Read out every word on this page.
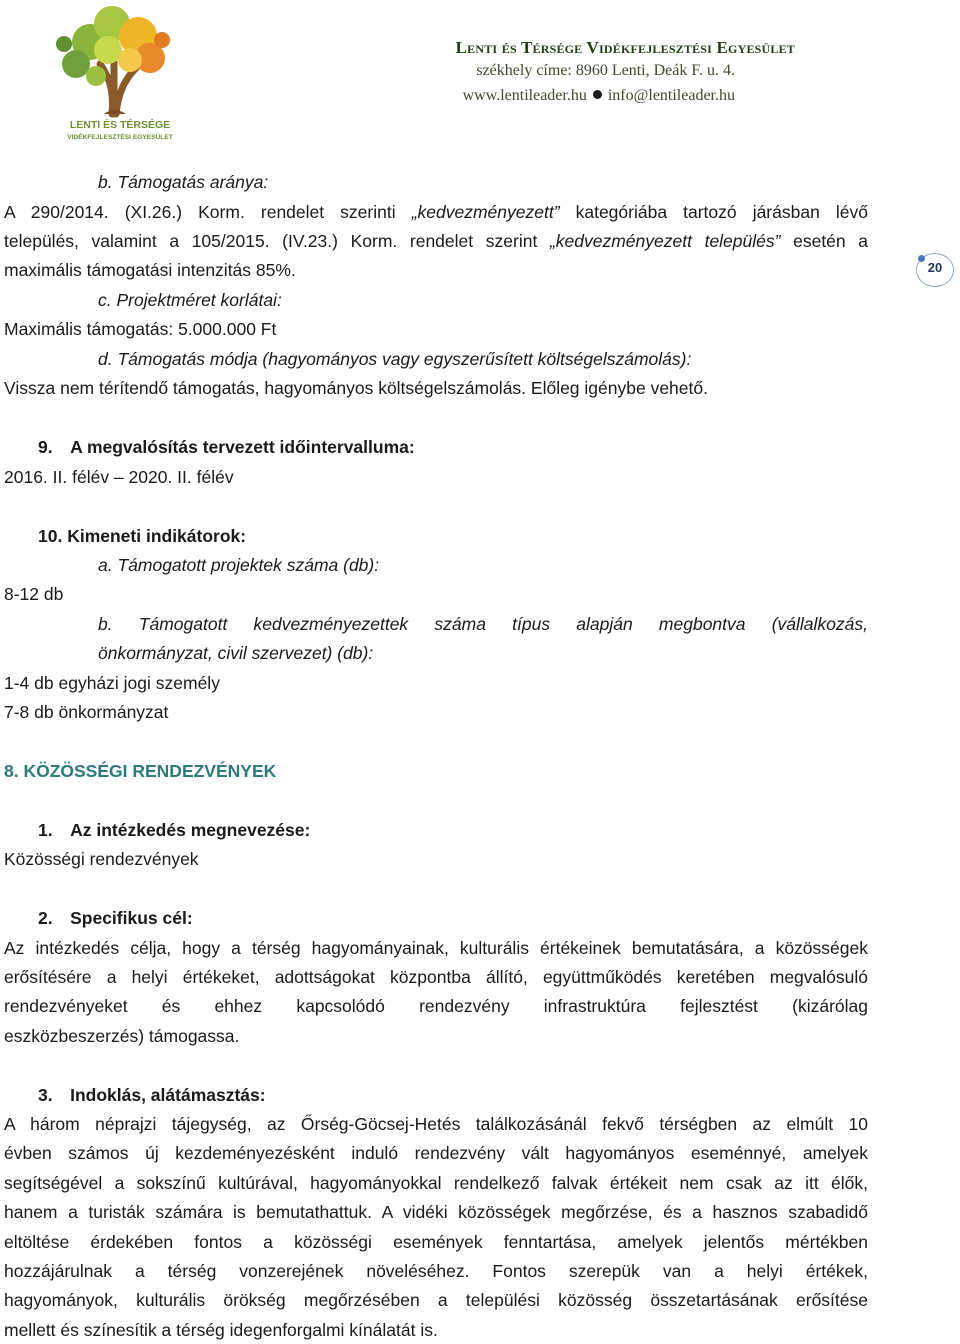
LENTI ÉS TÉRSÉGE
VIDÉKFEJLESZTÉSI EGYESÜLET
Lenti és Térsége Vidékfejlesztési Egyesület
székhely címe: 8960 Lenti, Deák F. u. 4.
www.lentileader.hu info@lentileader.hu
20
b. Támogatás aránya:
A 290/2014. (XI.26.) Korm. rendelet szerinti „kedvezményezett” kategóriába tartozó járásban lévő
település, valamint a 105/2015. (IV.23.) Korm. rendelet szerint „kedvezményezett település” esetén a
maximális támogatási intenzitás 85%.
c. Projektméret korlátai:
Maximális támogatás: 5.000.000 Ft
d. Támogatás módja (hagyományos vagy egyszerűsített költségelszámolás):
Vissza nem térítendő támogatás, hagyományos költségelszámolás. Előleg igénybe vehető.
9. A megvalósítás tervezett időintervalluma:
2016. II. félév – 2020. II. félév
10. Kimeneti indikátorok:
a. Támogatott projektek száma (db):
8-12 db
b. Támogatott kedvezményezettek száma típus alapján megbontva (vállalkozás,
önkormányzat, civil szervezet) (db):
1-4 db egyházi jogi személy
7-8 db önkormányzat
8. KÖZÖSSÉGI RENDEZVÉNYEK
1. Az intézkedés megnevezése:
Közösségi rendezvények
2. Specifikus cél:
Az intézkedés célja, hogy a térség hagyományainak, kulturális értékeinek bemutatására, a közösségek
erősítésére a helyi értékeket, adottságokat központba állító, együttműködés keretében megvalósuló
rendezvényeket és ehhez kapcsolódó rendezvény infrastruktúra fejlesztést (kizárólag
eszközbeszerzés) támogassa.
3. Indoklás, alátámasztás:
A három néprajzi tájegység, az Őrség-Göcsej-Hetés találkozásánál fekvő térségben az elmúlt 10
évben számos új kezdeményezésként induló rendezvény vált hagyományos eseménnyé, amelyek
segítségével a sokszínű kultúrával, hagyományokkal rendelkező falvak értékeit nem csak az itt élők,
hanem a turisták számára is bemutathattuk. A vidéki közösségek megőrzése, és a hasznos szabadidő
eltöltése érdekében fontos a közösségi események fenntartása, amelyek jelentős mértékben
hozzájárulnak a térség vonzerejének növeléséhez. Fontos szerepük van a helyi értékek,
hagyományok, kulturális örökség megőrzésében a települési közösség összetartásának erősítése
mellett és színesítik a térség idegenforgalmi kínálatát is.
